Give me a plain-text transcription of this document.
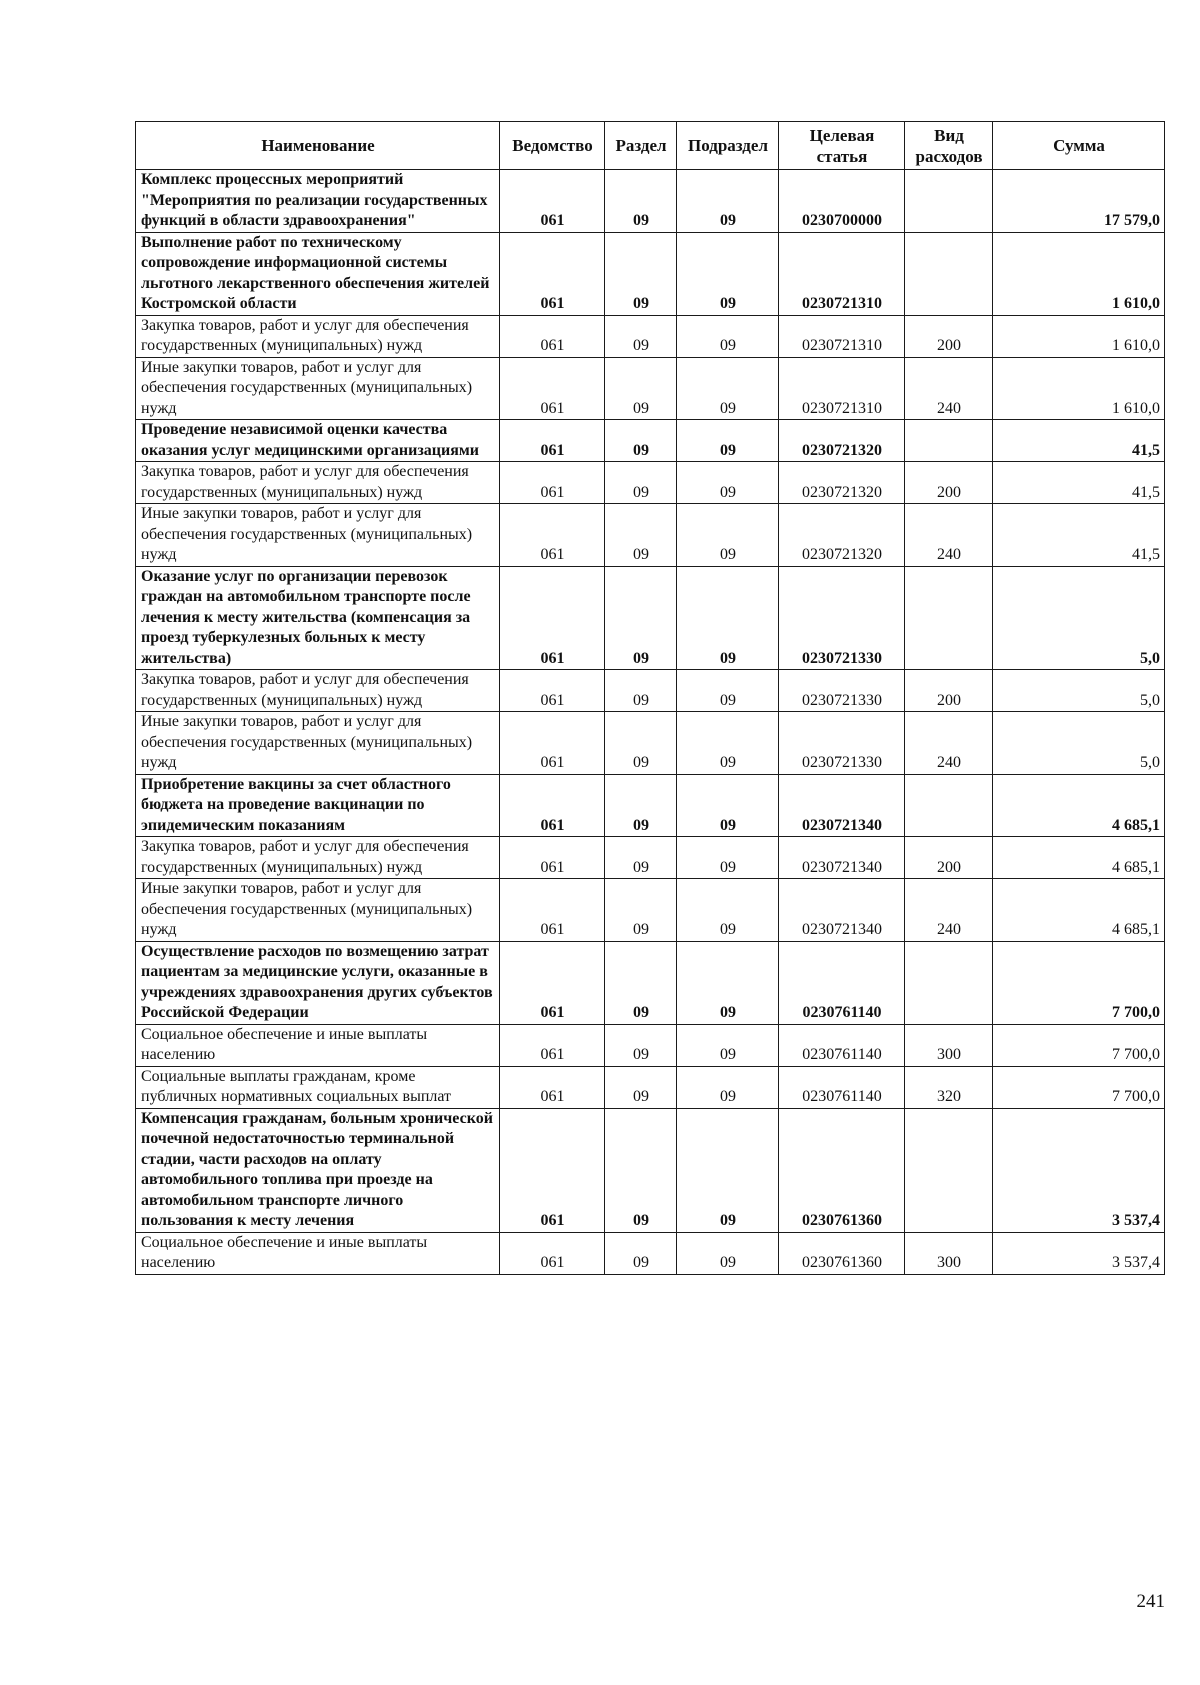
Наименование	Ведомство	Раздел	Подраздел	Целевая статья	Вид расходов	Сумма
Комплекс процессных мероприятий "Мероприятия по реализации государственных функций в области здравоохранения"	061	09	09	0230700000		17 579,0
Выполнение работ по техническому сопровождение информационной системы льготного лекарственного обеспечения жителей Костромской области	061	09	09	0230721310		1 610,0
Закупка товаров, работ и услуг для обеспечения государственных (муниципальных) нужд	061	09	09	0230721310	200	1 610,0
Иные закупки товаров, работ и услуг для обеспечения государственных (муниципальных) нужд	061	09	09	0230721310	240	1 610,0
Проведение независимой оценки качества оказания услуг медицинскими организациями	061	09	09	0230721320		41,5
Закупка товаров, работ и услуг для обеспечения государственных (муниципальных) нужд	061	09	09	0230721320	200	41,5
Иные закупки товаров, работ и услуг для обеспечения государственных (муниципальных) нужд	061	09	09	0230721320	240	41,5
Оказание услуг по организации перевозок граждан на автомобильном транспорте после лечения к месту жительства (компенсация за проезд туберкулезных больных к месту жительства)	061	09	09	0230721330		5,0
Закупка товаров, работ и услуг для обеспечения государственных (муниципальных) нужд	061	09	09	0230721330	200	5,0
Иные закупки товаров, работ и услуг для обеспечения государственных (муниципальных) нужд	061	09	09	0230721330	240	5,0
Приобретение вакцины за счет областного бюджета на проведение вакцинации по эпидемическим показаниям	061	09	09	0230721340		4 685,1
Закупка товаров, работ и услуг для обеспечения государственных (муниципальных) нужд	061	09	09	0230721340	200	4 685,1
Иные закупки товаров, работ и услуг для обеспечения государственных (муниципальных) нужд	061	09	09	0230721340	240	4 685,1
Осуществление расходов по возмещению затрат пациентам за медицинские услуги, оказанные в учреждениях здравоохранения других субъектов Российской Федерации	061	09	09	0230761140		7 700,0
Социальное обеспечение и иные выплаты населению	061	09	09	0230761140	300	7 700,0
Социальные выплаты гражданам, кроме публичных нормативных социальных выплат	061	09	09	0230761140	320	7 700,0
Компенсация гражданам, больным хронической почечной недостаточностью терминальной стадии, части расходов на оплату автомобильного топлива при проезде на автомобильном транспорте личного пользования к месту лечения	061	09	09	0230761360		3 537,4
Социальное обеспечение и иные выплаты населению	061	09	09	0230761360	300	3 537,4
241
